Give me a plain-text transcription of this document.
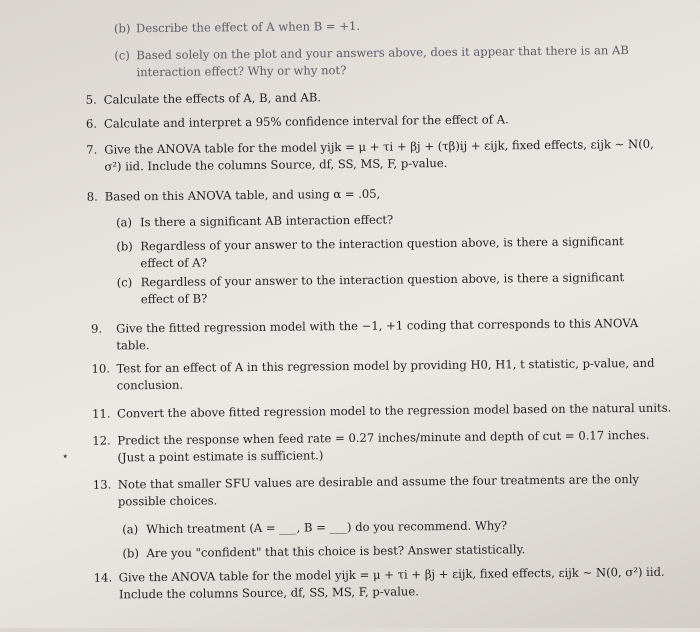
(b) Describe the effect of A when B = +1.
(c) Based solely on the plot and your answers above, does it appear that there is an AB interaction effect? Why or why not?
5. Calculate the effects of A, B, and AB.
6. Calculate and interpret a 95% confidence interval for the effect of A.
7. Give the ANOVA table for the model yijk = μ + τi + βj + (τβ)ij + εijk, fixed effects, εijk ~ N(0, σ²) iid. Include the columns Source, df, SS, MS, F, p-value.
8. Based on this ANOVA table, and using α = .05,
(a) Is there a significant AB interaction effect?
(b) Regardless of your answer to the interaction question above, is there a significant effect of A?
(c) Regardless of your answer to the interaction question above, is there a significant effect of B?
9.	Give the fitted regression model with the −1, +1 coding that corresponds to this ANOVA table.
10. Test for an effect of A in this regression model by providing H0, H1, t statistic, p-value, and conclusion.
11. Convert the above fitted regression model to the regression model based on the natural units.
⋆
12. Predict the response when feed rate = 0.27 inches/minute and depth of cut = 0.17 inches. (Just a point estimate is sufficient.)
13. Note that smaller SFU values are desirable and assume the four treatments are the only possible choices.
(a) Which treatment (A = ___, B = ___) do you recommend. Why?
(b) Are you "confident" that this choice is best? Answer statistically.
14. Give the ANOVA table for the model yijk = μ + τi + βj + εijk, fixed effects, εijk ~ N(0, σ²) iid. Include the columns Source, df, SS, MS, F, p-value.
